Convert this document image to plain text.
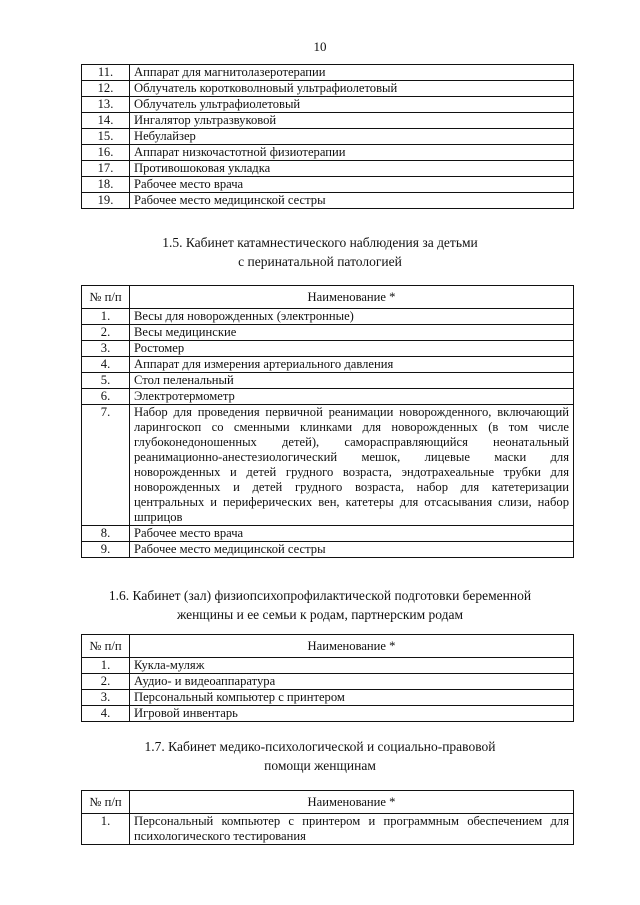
10
11.	Аппарат для магнитолазеротерапии
12.	Облучатель коротковолновый ультрафиолетовый
13.	Облучатель ультрафиолетовый
14.	Ингалятор ультразвуковой
15.	Небулайзер
16.	Аппарат низкочастотной физиотерапии
17.	Противошоковая укладка
18.	Рабочее место врача
19.	Рабочее место медицинской сестры
1.5. Кабинет катамнестического наблюдения за детьми
с перинатальной патологией
№ п/п	Наименование *
1.	Весы для новорожденных (электронные)
2.	Весы медицинские
3.	Ростомер
4.	Аппарат для измерения артериального давления
5.	Стол пеленальный
6.	Электротермометр
7.	Набор для проведения первичной реанимации новорожденного, включающий ларингоскоп со сменными клинками для новорожденных (в том числе глубоконедоношенных детей), саморасправляющийся неонатальный реанимационно-анестезиологический мешок, лицевые маски для новорожденных и детей грудного возраста, эндотрахеальные трубки для новорожденных и детей грудного возраста, набор для катетеризации центральных и периферических вен, катетеры для отсасывания слизи, набор шприцов
8.	Рабочее место врача
9.	Рабочее место медицинской сестры
1.6. Кабинет (зал) физиопсихопрофилактической подготовки беременной
женщины и ее семьи к родам, партнерским родам
№ п/п	Наименование *
1.	Кукла-муляж
2.	Аудио- и видеоаппаратура
3.	Персональный компьютер с принтером
4.	Игровой инвентарь
1.7. Кабинет медико-психологической и социально-правовой
помощи женщинам
№ п/п	Наименование *
1.	Персональный компьютер с принтером и программным обеспечением для психологического тестирования
